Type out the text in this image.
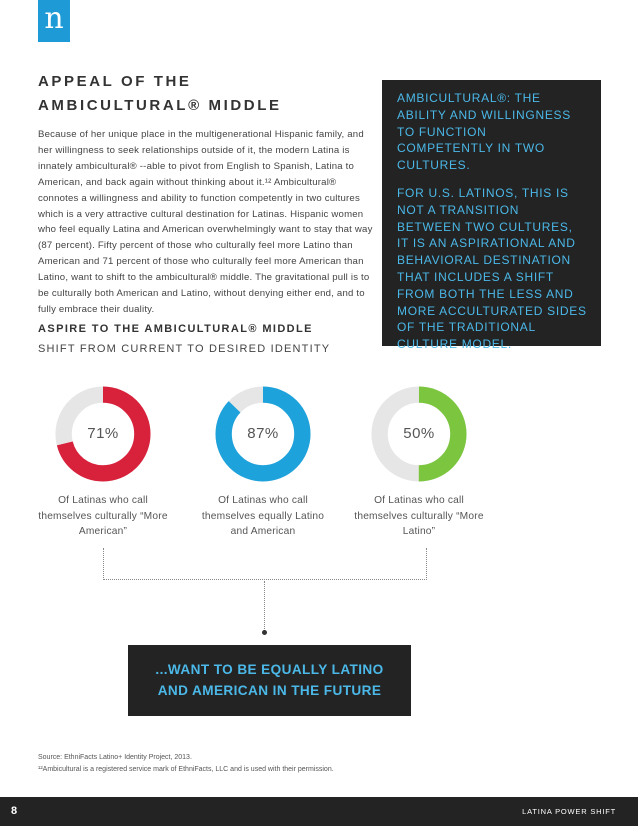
n
APPEAL OF THE AMBICULTURAL® MIDDLE

Because of her unique place in the multigenerational Hispanic family, and her willingness to seek relationships outside of it, the modern Latina is innately ambicultural® --able to pivot from English to Spanish, Latina to American, and back again without thinking about it.¹² Ambicultural® connotes a willingness and ability to function competently in two cultures which is a very attractive cultural destination for Latinas. Hispanic women who feel equally Latina and American overwhelmingly want to stay that way (87 percent). Fifty percent of those who culturally feel more Latino than American and 71 percent of those who culturally feel more American than Latino, want to shift to the ambicultural® middle. The gravitational pull is to be culturally both American and Latino, without denying either end, and to fully embrace their duality.

AMBICULTURAL®: THE ABILITY AND WILLINGNESS TO FUNCTION COMPETENTLY IN TWO CULTURES.

FOR U.S. LATINOS, THIS IS NOT A TRANSITION BETWEEN TWO CULTURES, IT IS AN ASPIRATIONAL AND BEHAVIORAL DESTINATION THAT INCLUDES A SHIFT FROM BOTH THE LESS AND MORE ACCULTURATED SIDES OF THE TRADITIONAL CULTURE MODEL.

ASPIRE TO THE AMBICULTURAL® MIDDLE
SHIFT FROM CURRENT TO DESIRED IDENTITY
71%	87%	50%
Of Latinas who call themselves culturally “More American”
Of Latinas who call themselves equally Latino and American
Of Latinas who call themselves culturally “More Latino”
...WANT TO BE EQUALLY LATINO
AND AMERICAN IN THE FUTURE
Source: EthniFacts Latino+ Identity Project, 2013.
¹²Ambicultural is a registered service mark of EthniFacts, LLC and is used with their permission.
8	LATINA POWER SHIFT
